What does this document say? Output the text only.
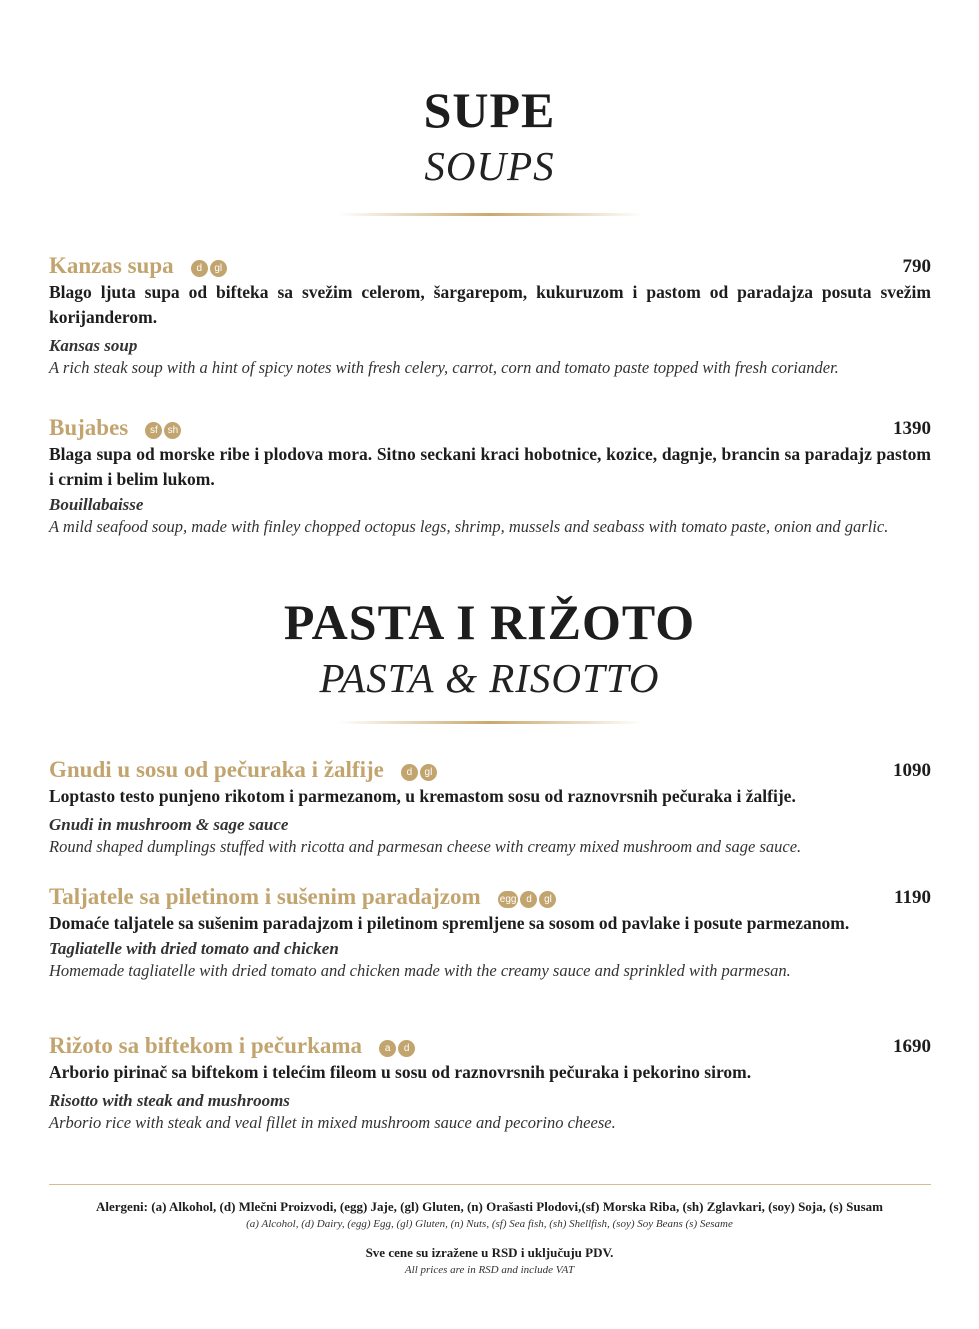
SUPE
SOUPS
Kanzas supa d gl	790
Blago ljuta supa od bifteka sa svežim celerom, šargarepom, kukuruzom i pastom od paradajza posuta svežim korijanderom.
Kansas soup
A rich steak soup with a hint of spicy notes with fresh celery, carrot, corn and tomato paste topped with fresh coriander.
Bujabes sf sh	1390
Blaga supa od morske ribe i plodova mora. Sitno seckani kraci hobotnice, kozice, dagnje, brancin sa paradajz pastom i crnim i belim lukom.
Bouillabaisse
A mild seafood soup, made with finley chopped octopus legs, shrimp, mussels and seabass with tomato paste, onion and garlic.
PASTA I RIŽOTO
PASTA & RISOTTO
Gnudi u sosu od pečuraka i žalfije d gl	1090
Loptasto testo punjeno rikotom i parmezanom, u kremastom sosu od raznovrsnih pečuraka i žalfije.
Gnudi in mushroom & sage sauce
Round shaped dumplings stuffed with ricotta and parmesan cheese with creamy mixed mushroom and sage sauce.
Taljatele sa piletinom i sušenim paradajzom egg d gl	1190
Domaće taljatele sa sušenim paradajzom i piletinom spremljene sa sosom od pavlake i posute parmezanom.
Tagliatelle with dried tomato and chicken
Homemade tagliatelle with dried tomato and chicken made with the creamy sauce and sprinkled with parmesan.
Rižoto sa biftekom i pečurkama a d	1690
Arborio pirinač sa biftekom i telećim fileom u sosu od raznovrsnih pečuraka i pekorino sirom.
Risotto with steak and mushrooms
Arborio rice with steak and veal fillet in mixed mushroom sauce and pecorino cheese.
Alergeni: (a) Alkohol, (d) Mlečni Proizvodi, (egg) Jaje, (gl) Gluten, (n) Orašasti Plodovi,(sf) Morska Riba, (sh) Zglavkari, (soy) Soja, (s) Susam
(a) Alcohol, (d) Dairy, (egg) Egg, (gl) Gluten, (n) Nuts, (sf) Sea fish, (sh) Shellfish, (soy) Soy Beans (s) Sesame
Sve cene su izražene u RSD i uključuju PDV.
All prices are in RSD and include VAT
